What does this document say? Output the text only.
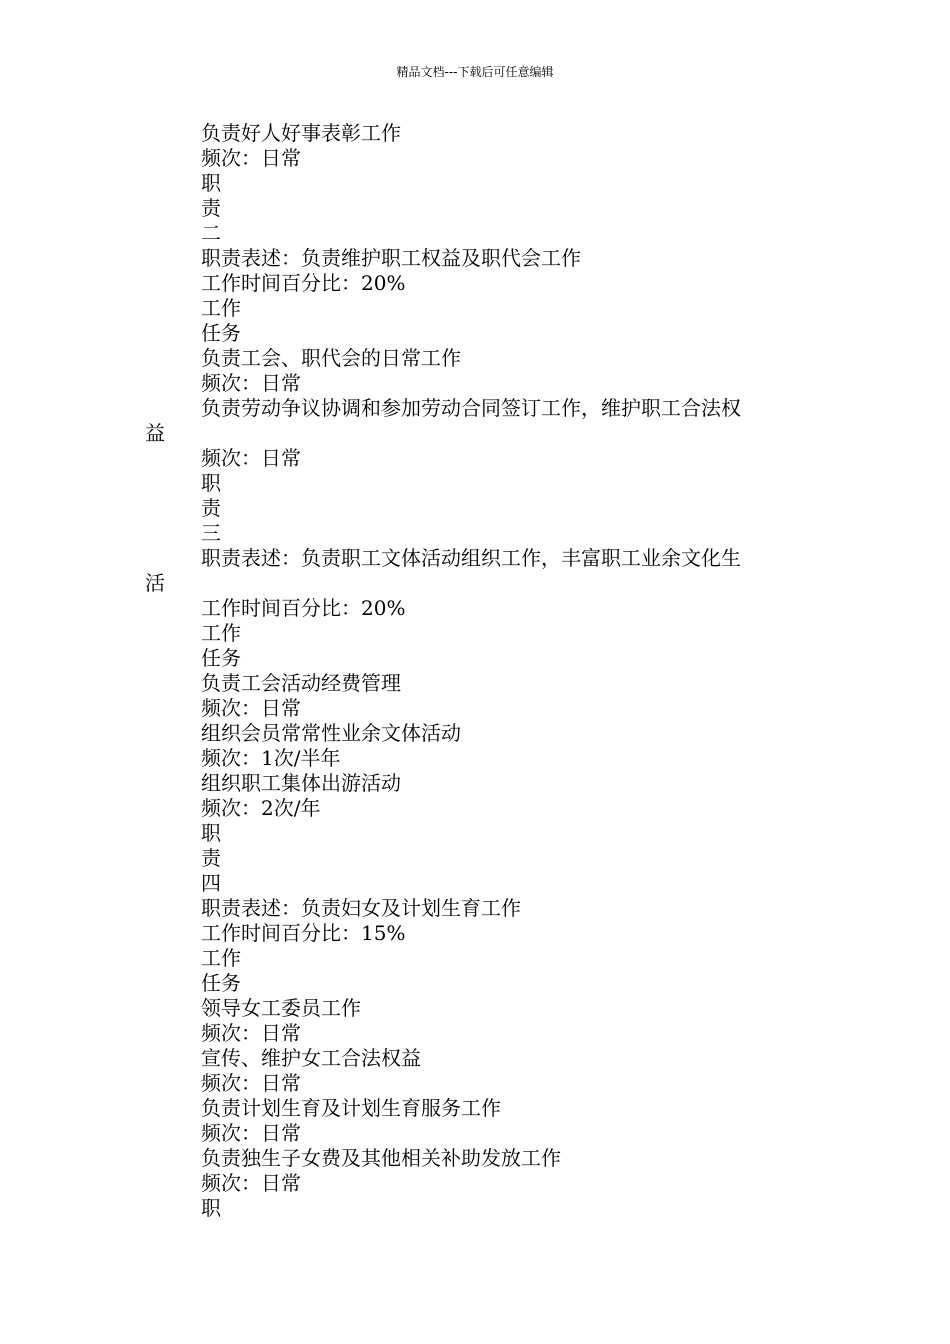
精品文档---下载后可任意编辑
负责好人好事表彰工作
频次：日常
职
责
二
职责表述：负责维护职工权益及职代会工作
工作时间百分比：20%
工作
任务
负责工会、职代会的日常工作
频次：日常
负责劳动争议协调和参加劳动合同签订工作，维护职工合法权
益
频次：日常
职
责
三
职责表述：负责职工文体活动组织工作，丰富职工业余文化生
活
工作时间百分比：20%
工作
任务
负责工会活动经费管理
频次：日常
组织会员常常性业余文体活动
频次：1次/半年
组织职工集体出游活动
频次：2次/年
职
责
四
职责表述：负责妇女及计划生育工作
工作时间百分比：15%
工作
任务
领导女工委员工作
频次：日常
宣传、维护女工合法权益
频次：日常
负责计划生育及计划生育服务工作
频次：日常
负责独生子女费及其他相关补助发放工作
频次：日常
职
